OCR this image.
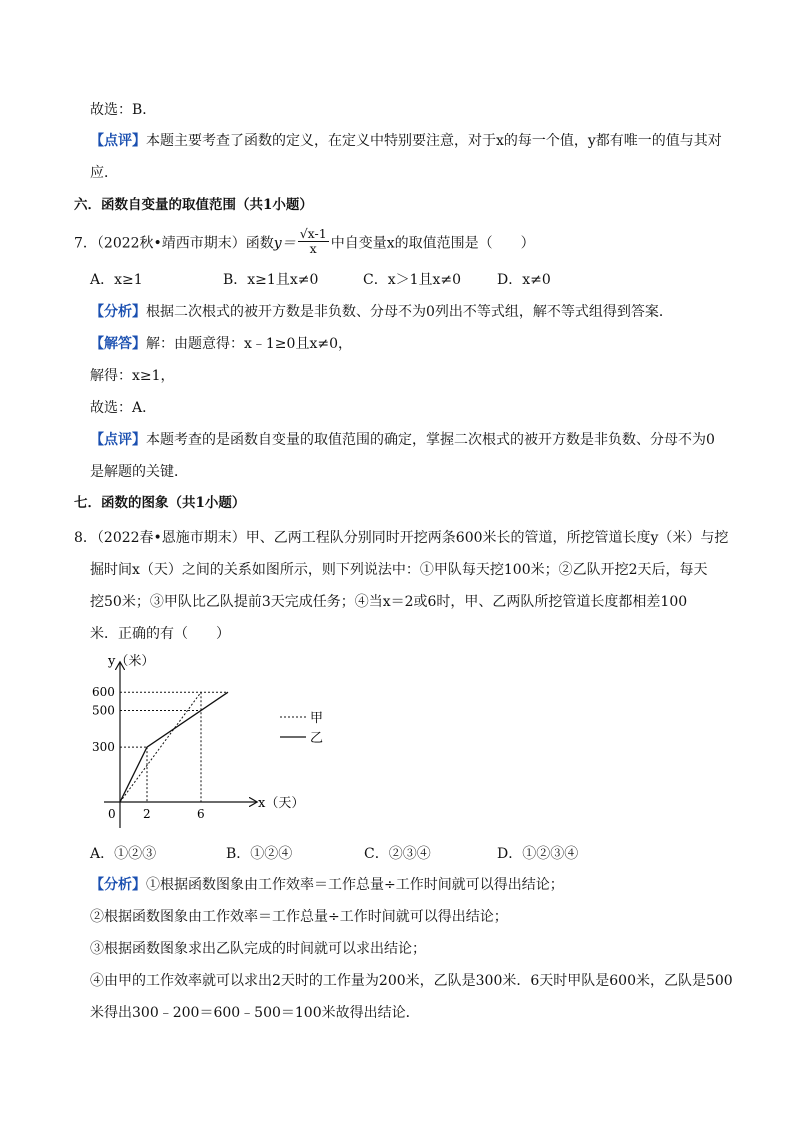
故选：B．
【点评】本题主要考查了函数的定义，在定义中特别要注意，对于x的每一个值，y都有唯一的值与其对
应．
六．函数自变量的取值范围（共1小题）
7．（2022秋•靖西市期末）函数$y= \frac{√x-1}{x}$ 中自变量x的取值范围是（　　）
A．x≥1	B．x≥1且x≠0	C．x＞1且x≠0	D．x≠0
【分析】根据二次根式的被开方数是非负数、分母不为0列出不等式组，解不等式组得到答案．
【解答】解：由题意得：x﹣1≥0且x≠0，
解得：x≥1，
故选：A．
【点评】本题考查的是函数自变量的取值范围的确定，掌握二次根式的被开方数是非负数、分母不为0
是解题的关键．
七．函数的图象（共1小题）
8．（2022春•恩施市期末）甲、乙两工程队分别同时开挖两条600米长的管道，所挖管道长度y（米）与挖
掘时间x（天）之间的关系如图所示，则下列说法中：①甲队每天挖100米；②乙队开挖2天后，每天
挖50米；③甲队比乙队提前3天完成任务；④当x＝2或6时，甲、乙两队所挖管道长度都相差100
米．正确的有（　　）
y（米）
x（天）
0
300
500
600
2	6
甲
乙
A．①②③	B．①②④	C．②③④	D．①②③④
【分析】①根据函数图象由工作效率＝工作总量÷工作时间就可以得出结论；
②根据函数图象由工作效率＝工作总量÷工作时间就可以得出结论；
③根据函数图象求出乙队完成的时间就可以求出结论；
④由甲的工作效率就可以求出2天时的工作量为200米，乙队是300米．6天时甲队是600米，乙队是500
米得出300﹣200＝600﹣500＝100米故得出结论．
